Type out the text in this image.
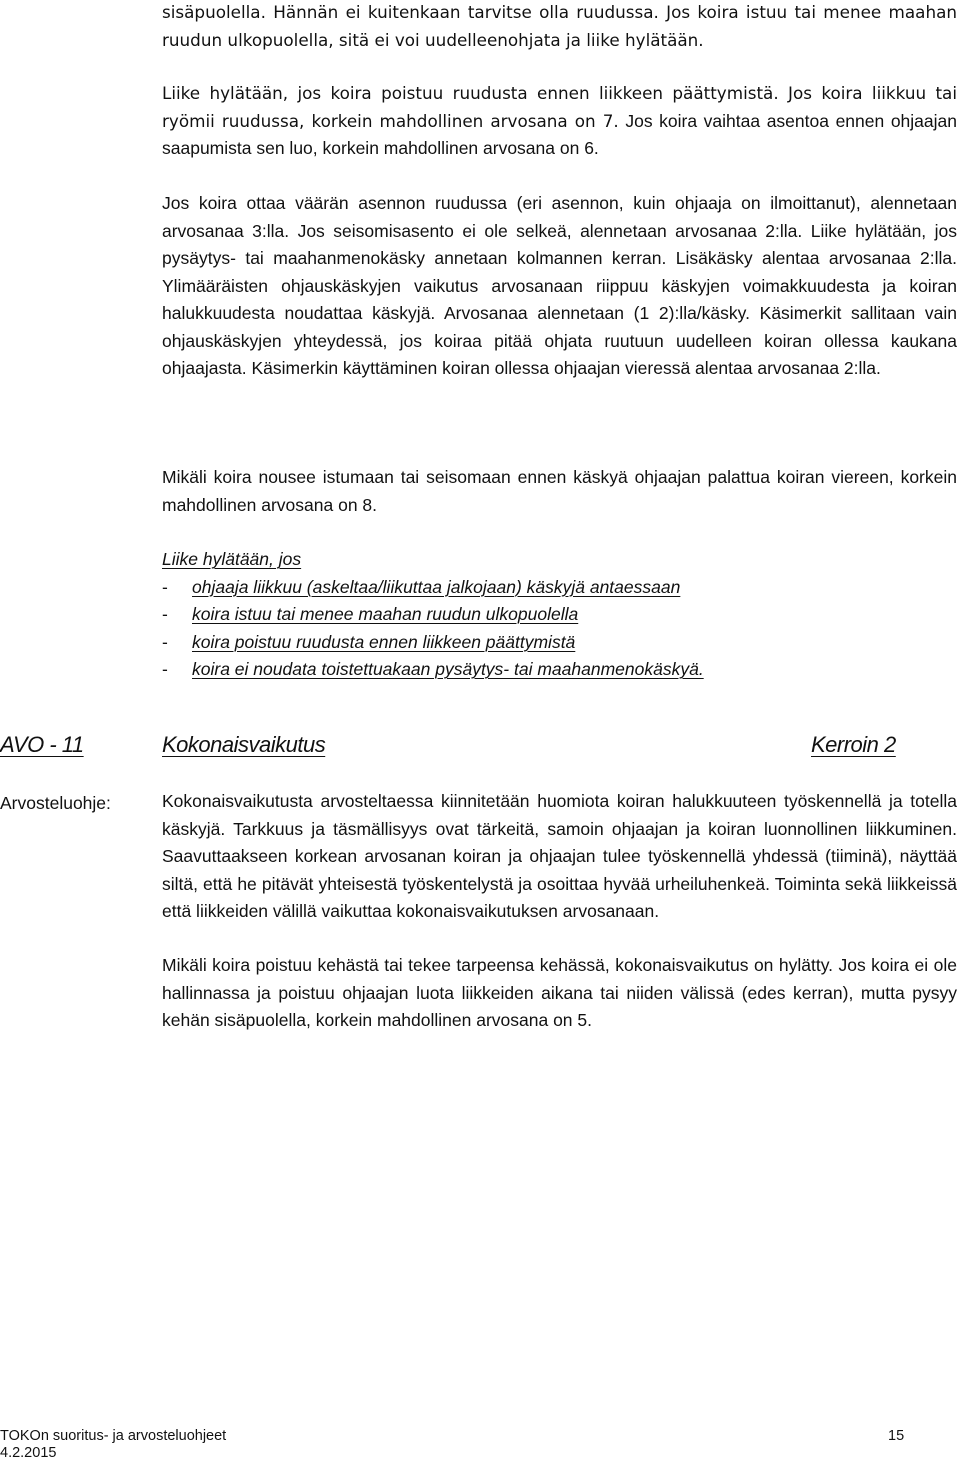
sisäpuolella. Hännän ei kuitenkaan tarvitse olla ruudussa. Jos koira istuu tai menee maahan ruudun ulkopuolella, sitä ei voi uudelleenohjata ja liike hylätään.

Liike hylätään, jos koira poistuu ruudusta ennen liikkeen päättymistä. Jos koira liikkuu tai ryömii ruudussa, korkein mahdollinen arvosana on 7. Jos koira vaihtaa asentoa ennen ohjaajan saapumista sen luo, korkein mahdollinen arvosana on 6.

Jos koira ottaa väärän asennon ruudussa (eri asennon, kuin ohjaaja on ilmoittanut), alennetaan arvosanaa 3:lla. Jos seisomisasento ei ole selkeä, alennetaan arvosanaa 2:lla. Liike hylätään, jos pysäytys- tai maahanmenokäsky annetaan kolmannen kerran. Lisäkäsky alentaa arvosanaa 2:lla. Ylimääräisten ohjauskäskyjen vaikutus arvosanaan riippuu käskyjen voimakkuudesta ja koiran halukkuudesta noudattaa käskyjä. Arvosanaa alennetaan (1 2):lla/käsky. Käsimerkit sallitaan vain ohjauskäskyjen yhteydessä, jos koiraa pitää ohjata ruutuun uudelleen koiran ollessa kaukana ohjaajasta. Käsimerkin käyttäminen koiran ollessa ohjaajan vieressä alentaa arvosanaa 2:lla.

Mikäli koira nousee istumaan tai seisomaan ennen käskyä ohjaajan palattua koiran viereen, korkein mahdollinen arvosana on 8.

Liike hylätään, jos
-	ohjaaja liikkuu (askeltaa/liikuttaa jalkojaan) käskyjä antaessaan
-	koira istuu tai menee maahan ruudun ulkopuolella
-	koira poistuu ruudusta ennen liikkeen päättymistä
-	koira ei noudata toistettuakaan pysäytys- tai maahanmenokäskyä.
AVO - 11	Kokonaisvaikutus	Kerroin 2
Arvosteluohje:	Kokonaisvaikutusta arvosteltaessa kiinnitetään huomiota koiran halukkuuteen työskennellä ja totella käskyjä. Tarkkuus ja täsmällisyys ovat tärkeitä, samoin ohjaajan ja koiran luonnollinen liikkuminen. Saavuttaakseen korkean arvosanan koiran ja ohjaajan tulee työskennellä yhdessä (tiiminä), näyttää siltä, että he pitävät yhteisestä työskentelystä ja osoittaa hyvää urheiluhenkeä. Toiminta sekä liikkeissä että liikkeiden välillä vaikuttaa kokonaisvaikutuksen arvosanaan.

Mikäli koira poistuu kehästä tai tekee tarpeensa kehässä, kokonaisvaikutus on hylätty. Jos koira ei ole hallinnassa ja poistuu ohjaajan luota liikkeiden aikana tai niiden välissä (edes kerran), mutta pysyy kehän sisäpuolella, korkein mahdollinen arvosana on 5.

TOKOn suoritus- ja arvosteluohjeet
4.2.2015
15
